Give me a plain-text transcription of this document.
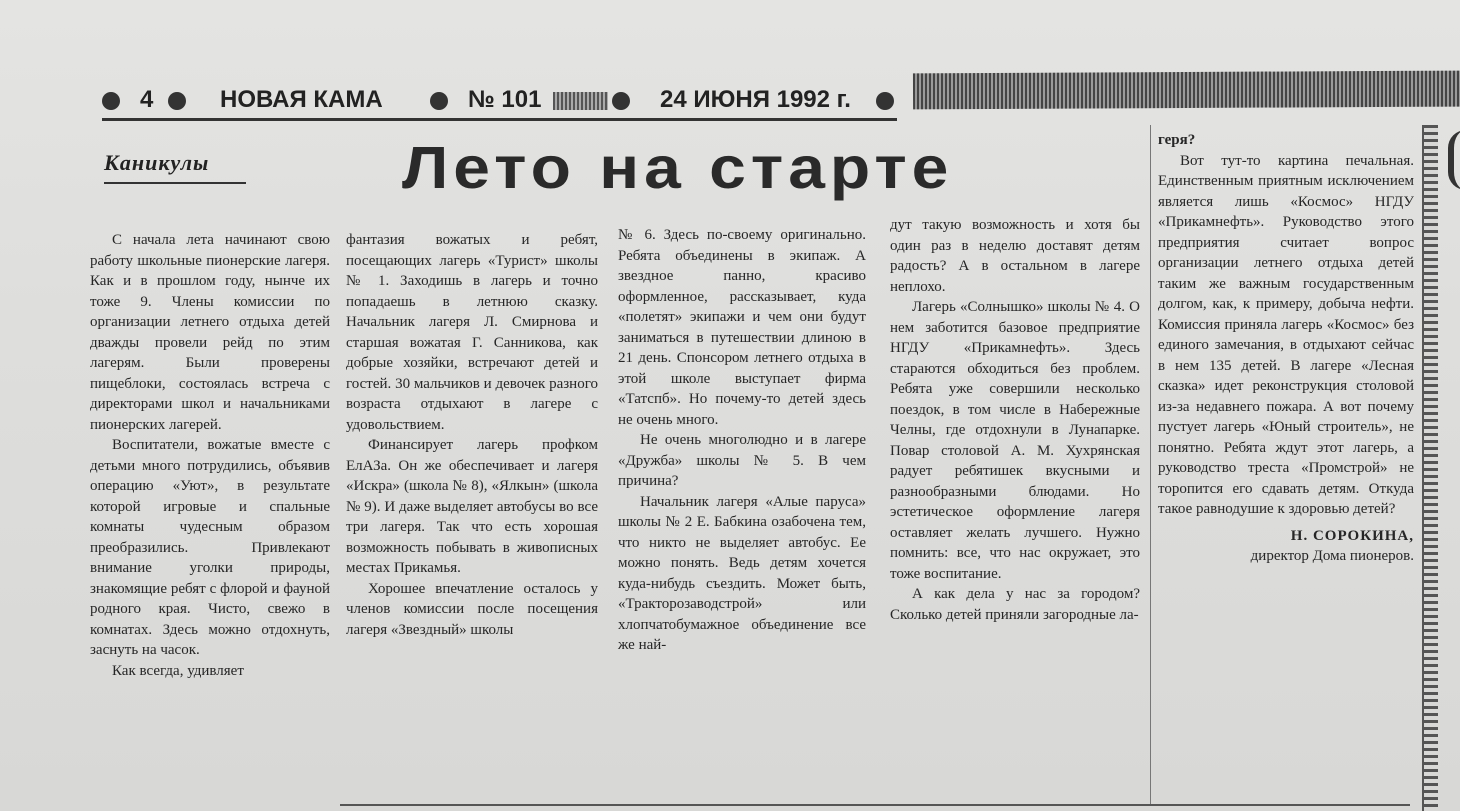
4	НОВАЯ КАМА	№ 101	24 ИЮНЯ 1992 г.
Каникулы	Лето на старте

С начала лета начинают свою работу школьные пионерские лагеря. Как и в прошлом году, нынче их тоже 9. Члены комиссии по организации летнего отдыха детей дважды провели рейд по этим лагерям. Были проверены пищеблоки, состоялась встреча с директорами школ и начальниками пионерских лагерей.

Воспитатели, вожатые вместе с детьми много потрудились, объявив операцию «Уют», в результате которой игровые и спальные комнаты чудесным образом преобразились. Привлекают внимание уголки природы, знакомящие ребят с флорой и фауной родного края. Чисто, свежо в комнатах. Здесь можно отдохнуть, заснуть на часок.

Как всегда, удивляет

фантазия вожатых и ребят, посещающих лагерь «Турист» школы № 1. Заходишь в лагерь и точно попадаешь в летнюю сказку. Начальник лагеря Л. Смирнова и старшая вожатая Г. Санникова, как добрые хозяйки, встречают детей и гостей. 30 мальчиков и девочек разного возраста отдыхают в лагере с удовольствием.

Финансирует лагерь профком ЕлАЗа. Он же обеспечивает и лагеря «Искра» (школа № 8), «Ялкын» (школа № 9). И даже выделяет автобусы во все три лагеря. Так что есть хорошая возможность побывать в живописных местах Прикамья.

Хорошее впечатление осталось у членов комиссии после посещения лагеря «Звездный» школы

№ 6. Здесь по-своему оригинально. Ребята объединены в экипаж. А звездное панно, красиво оформленное, рассказывает, куда «полетят» экипажи и чем они будут заниматься в путешествии длиною в 21 день. Спонсором летнего отдыха в этой школе выступает фирма «Татспб». Но почему-то детей здесь не очень много.

Не очень многолюдно и в лагере «Дружба» школы № 5. В чем причина?

Начальник лагеря «Алые паруса» школы № 2 Е. Бабкина озабочена тем, что никто не выделяет автобус. Ее можно понять. Ведь детям хочется куда-нибудь съездить. Может быть, «Тракторозаводстрой» или хлопчатобумажное объединение все же най-

дут такую возможность и хотя бы один раз в неделю доставят детям радость? А в остальном в лагере неплохо.

Лагерь «Солнышко» школы № 4. О нем заботится базовое предприятие НГДУ «Прикамнефть». Здесь стараются обходиться без проблем. Ребята уже совершили несколько поездок, в том числе в Набережные Челны, где отдохнули в Лунапарке. Повар столовой А. М. Хухрянская радует ребятишек вкусными и разнообразными блюдами. Но эстетическое оформление лагеря оставляет желать лучшего. Нужно помнить: все, что нас окружает, это тоже воспитание.

А как дела у нас за городом? Сколько детей приняли загородные ла-

геря?

Вот тут-то картина печальная. Единственным приятным исключением является лишь «Космос» НГДУ «Прикамнефть». Руководство этого предприятия считает вопрос организации летнего отдыха детей таким же важным государственным долгом, как, к примеру, добыча нефти. Комиссия приняла лагерь «Космос» без единого замечания, в отдыхают сейчас в нем 135 детей. В лагере «Лесная сказка» идет реконструкция столовой из-за недавнего пожара. А вот почему пустует лагерь «Юный строитель», не понятно. Ребята ждут этот лагерь, а руководство треста «Промстрой» не торопится его сдавать детям. Откуда такое равнодушие к здоровью детей?

Н. СОРОКИНА,

директор Дома пионеров.
